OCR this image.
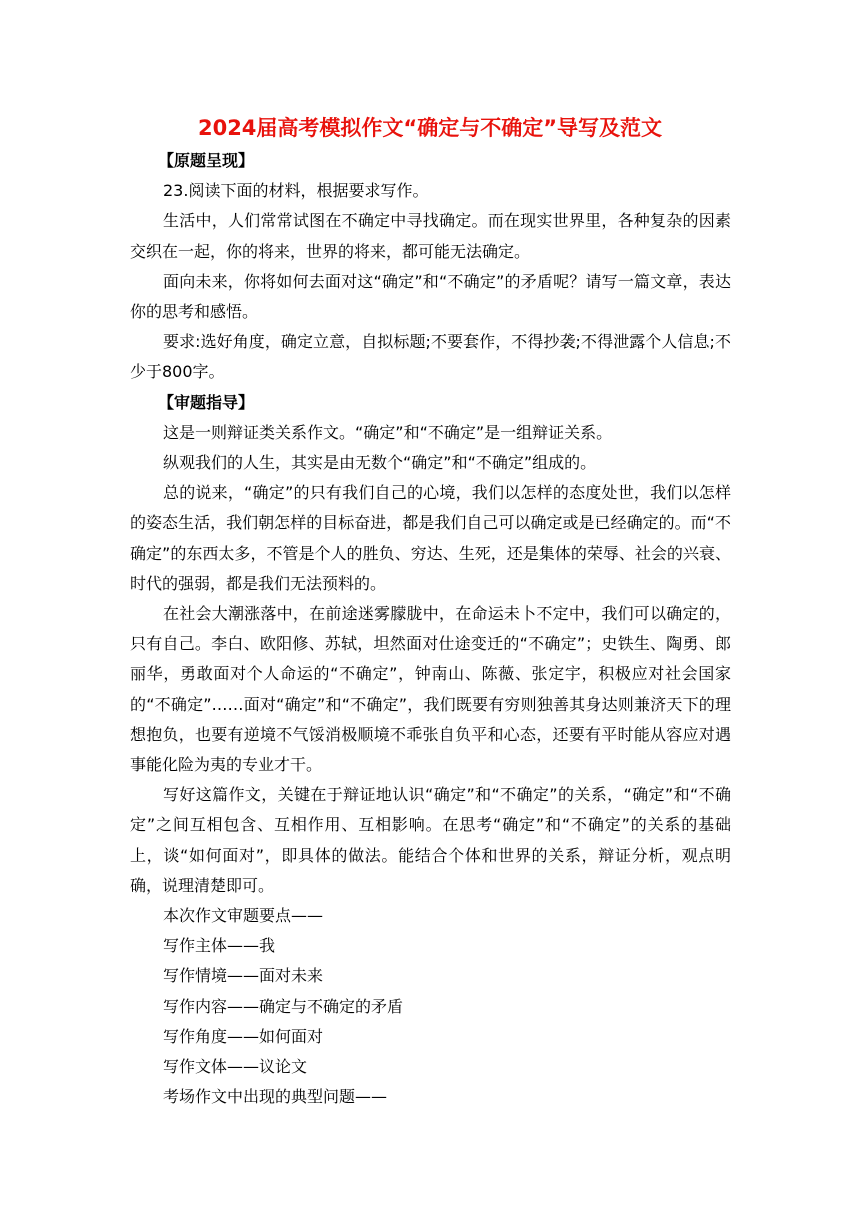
2024届高考模拟作文“确定与不确定”导写及范文

【原题呈现】

23.阅读下面的材料，根据要求写作。

生活中，人们常常试图在不确定中寻找确定。而在现实世界里，各种复杂的因素交织在一起，你的将来，世界的将来，都可能无法确定。

面向未来，你将如何去面对这“确定”和“不确定”的矛盾呢？请写一篇文章，表达你的思考和感悟。

要求:选好角度，确定立意，自拟标题;不要套作，不得抄袭;不得泄露个人信息;不少于800字。

【审题指导】

这是一则辩证类关系作文。“确定”和“不确定”是一组辩证关系。

纵观我们的人生，其实是由无数个“确定”和“不确定”组成的。

总的说来，“确定”的只有我们自己的心境，我们以怎样的态度处世，我们以怎样的姿态生活，我们朝怎样的目标奋进，都是我们自己可以确定或是已经确定的。而“不确定”的东西太多，不管是个人的胜负、穷达、生死，还是集体的荣辱、社会的兴衰、时代的强弱，都是我们无法预料的。

在社会大潮涨落中，在前途迷雾朦胧中，在命运未卜不定中，我们可以确定的，只有自己。李白、欧阳修、苏轼，坦然面对仕途变迁的“不确定”；史铁生、陶勇、郎丽华，勇敢面对个人命运的“不确定”，钟南山、陈薇、张定宇，积极应对社会国家的“不确定”……面对“确定”和“不确定”，我们既要有穷则独善其身达则兼济天下的理想抱负，也要有逆境不气馁消极顺境不乖张自负平和心态，还要有平时能从容应对遇事能化险为夷的专业才干。

写好这篇作文，关键在于辩证地认识“确定”和“不确定”的关系，“确定”和“不确定”之间互相包含、互相作用、互相影响。在思考“确定”和“不确定”的关系的基础上，谈“如何面对”，即具体的做法。能结合个体和世界的关系，辩证分析，观点明确，说理清楚即可。

本次作文审题要点——

写作主体——我

写作情境——面对未来

写作内容——确定与不确定的矛盾

写作角度——如何面对

写作文体——议论文

考场作文中出现的典型问题——
